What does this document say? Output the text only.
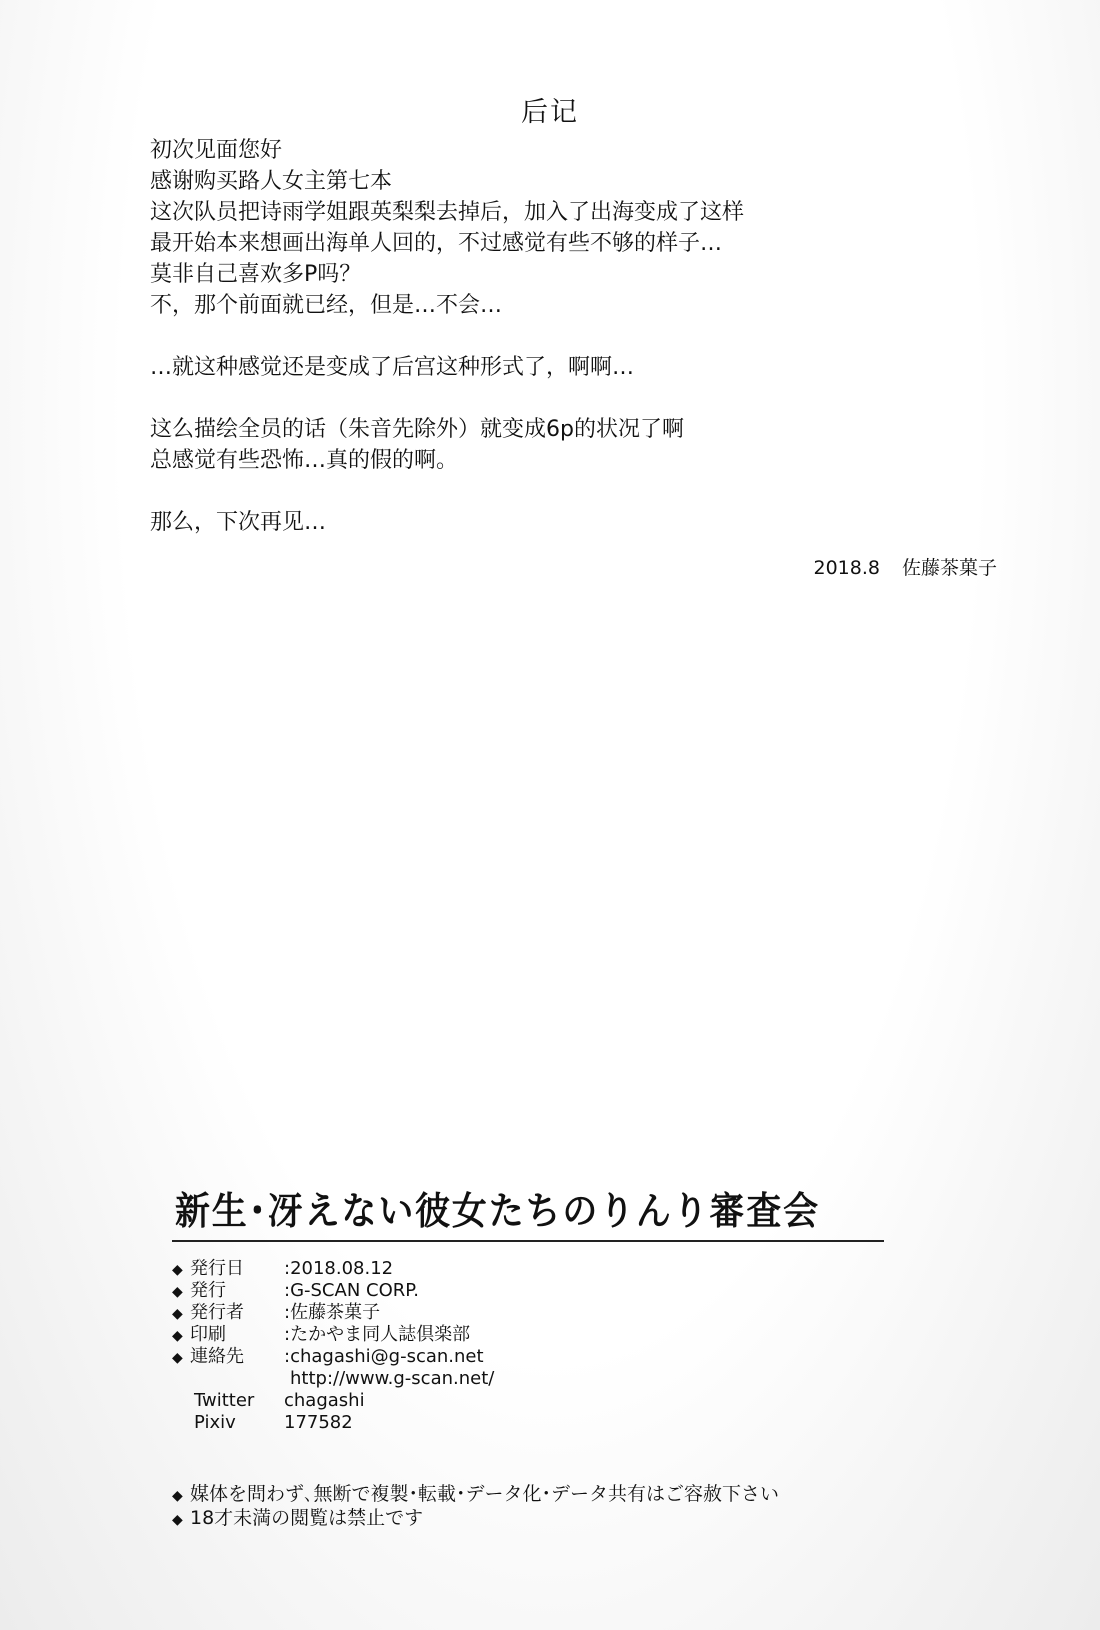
后记
初次见面您好
感谢购买路人女主第七本
这次队员把诗雨学姐跟英梨梨去掉后，加入了出海变成了这样
最开始本来想画出海单人回的，不过感觉有些不够的样子…
莫非自己喜欢多P吗？
不，那个前面就已经，但是…不会…
…就这种感觉还是变成了后宫这种形式了，啊啊…
这么描绘全员的话（朱音先除外）就变成6p的状况了啊
总感觉有些恐怖…真的假的啊。
那么，下次再见…
2018.8 佐藤茶菓子
新生･冴えない彼女たちのりんり審査会
◆ 発行日 :2018.08.12
◆ 発行	:G-SCAN CORP.
◆ 発行者 :佐藤茶菓子
◆ 印刷	:たかやま同人誌倶楽部
◆ 連絡先 :chagashi@g-scan.net
http://www.g-scan.net/
Twitter chagashi
Pixiv	177582
◆ 媒体を問わず､無断で複製･転載･データ化･データ共有はご容赦下さい
◆ 18才未満の閲覧は禁止です
